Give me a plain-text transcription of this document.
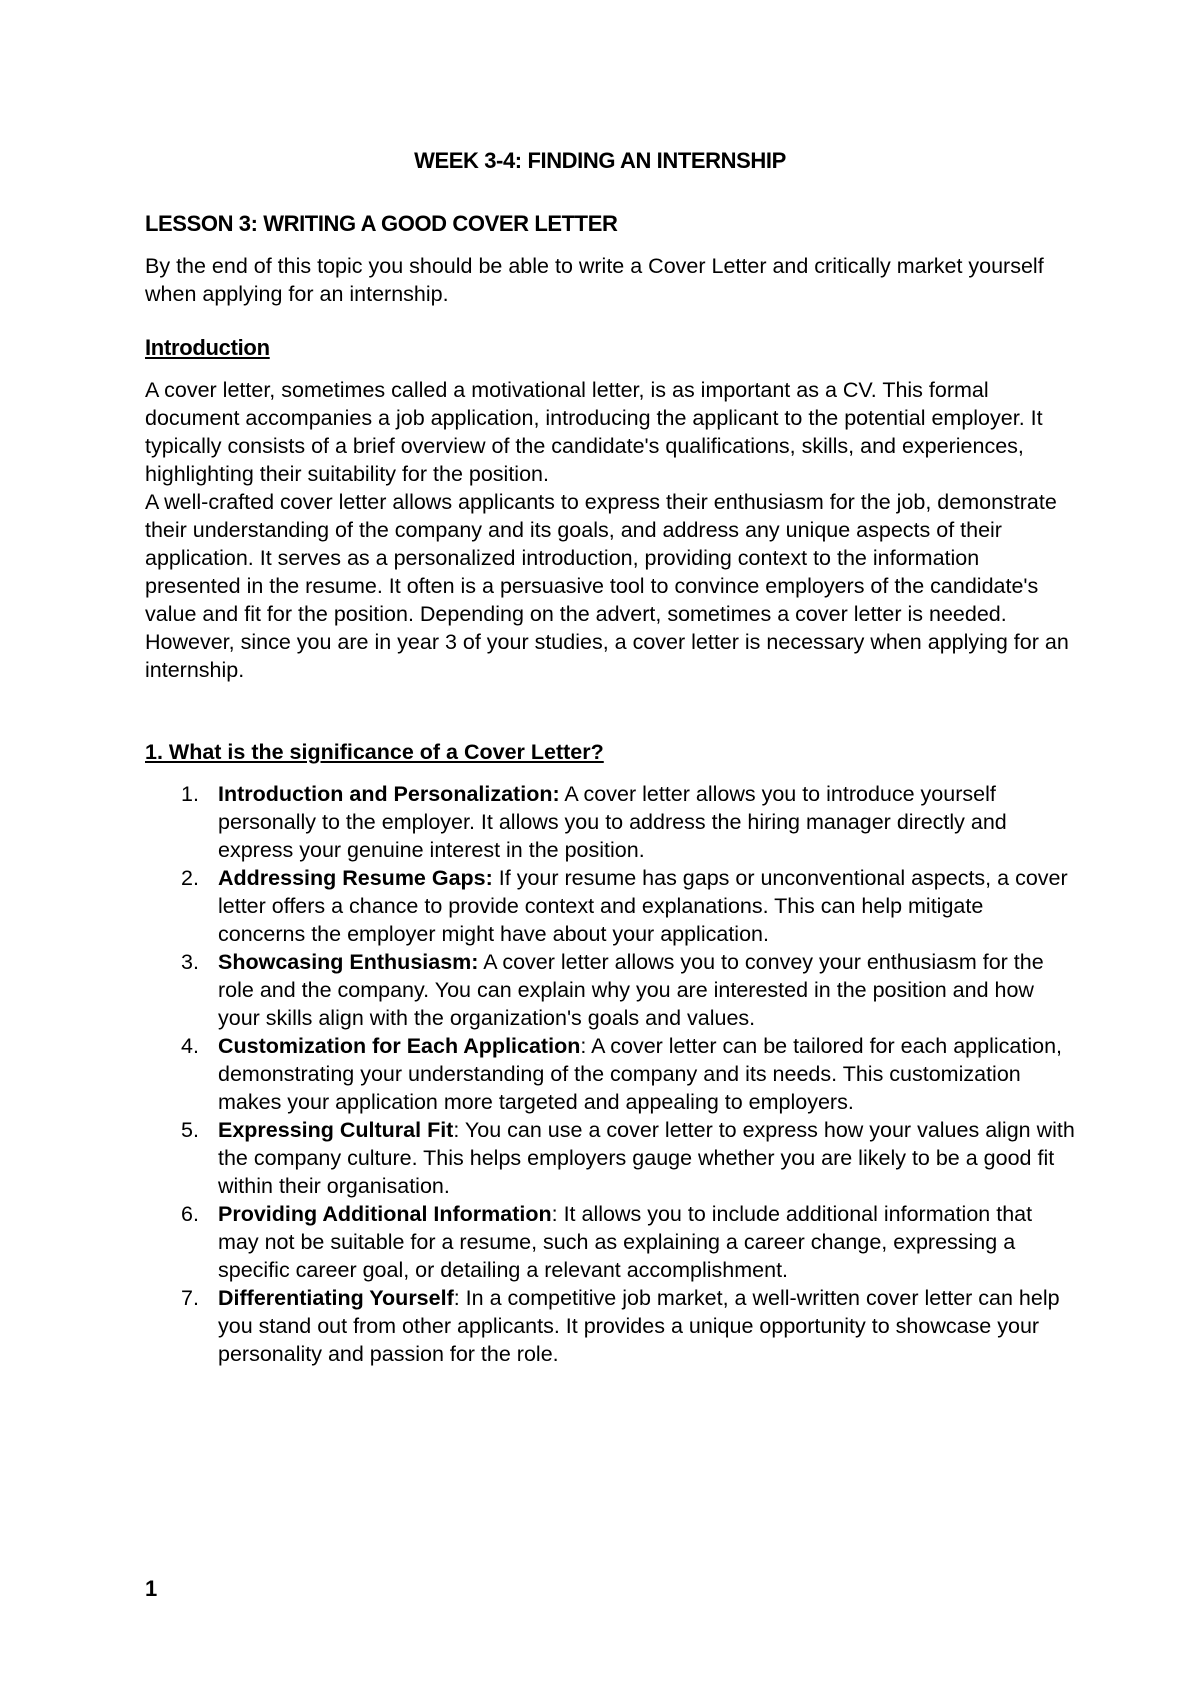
WEEK 3-4: FINDING AN INTERNSHIP
LESSON 3: WRITING A GOOD COVER LETTER

By the end of this topic you should be able to write a Cover Letter and critically market yourself when applying for an internship.

Introduction

A cover letter, sometimes called a motivational letter, is as important as a CV. This formal document accompanies a job application, introducing the applicant to the potential employer. It typically consists of a brief overview of the candidate's qualifications, skills, and experiences, highlighting their suitability for the position.

A well-crafted cover letter allows applicants to express their enthusiasm for the job, demonstrate their understanding of the company and its goals, and address any unique aspects of their application. It serves as a personalized introduction, providing context to the information presented in the resume. It often is a persuasive tool to convince employers of the candidate's value and fit for the position. Depending on the advert, sometimes a cover letter is needed. However, since you are in year 3 of your studies, a cover letter is necessary when applying for an internship.

1. What is the significance of a Cover Letter?
1. Introduction and Personalization: A cover letter allows you to introduce yourself personally to the employer. It allows you to address the hiring manager directly and express your genuine interest in the position.
2. Addressing Resume Gaps: If your resume has gaps or unconventional aspects, a cover letter offers a chance to provide context and explanations. This can help mitigate concerns the employer might have about your application.
3. Showcasing Enthusiasm: A cover letter allows you to convey your enthusiasm for the role and the company. You can explain why you are interested in the position and how your skills align with the organization's goals and values.
4. Customization for Each Application: A cover letter can be tailored for each application, demonstrating your understanding of the company and its needs. This customization makes your application more targeted and appealing to employers.
5. Expressing Cultural Fit: You can use a cover letter to express how your values align with the company culture. This helps employers gauge whether you are likely to be a good fit within their organisation.
6. Providing Additional Information: It allows you to include additional information that may not be suitable for a resume, such as explaining a career change, expressing a specific career goal, or detailing a relevant accomplishment.
7. Differentiating Yourself: In a competitive job market, a well-written cover letter can help you stand out from other applicants. It provides a unique opportunity to showcase your personality and passion for the role.
1
